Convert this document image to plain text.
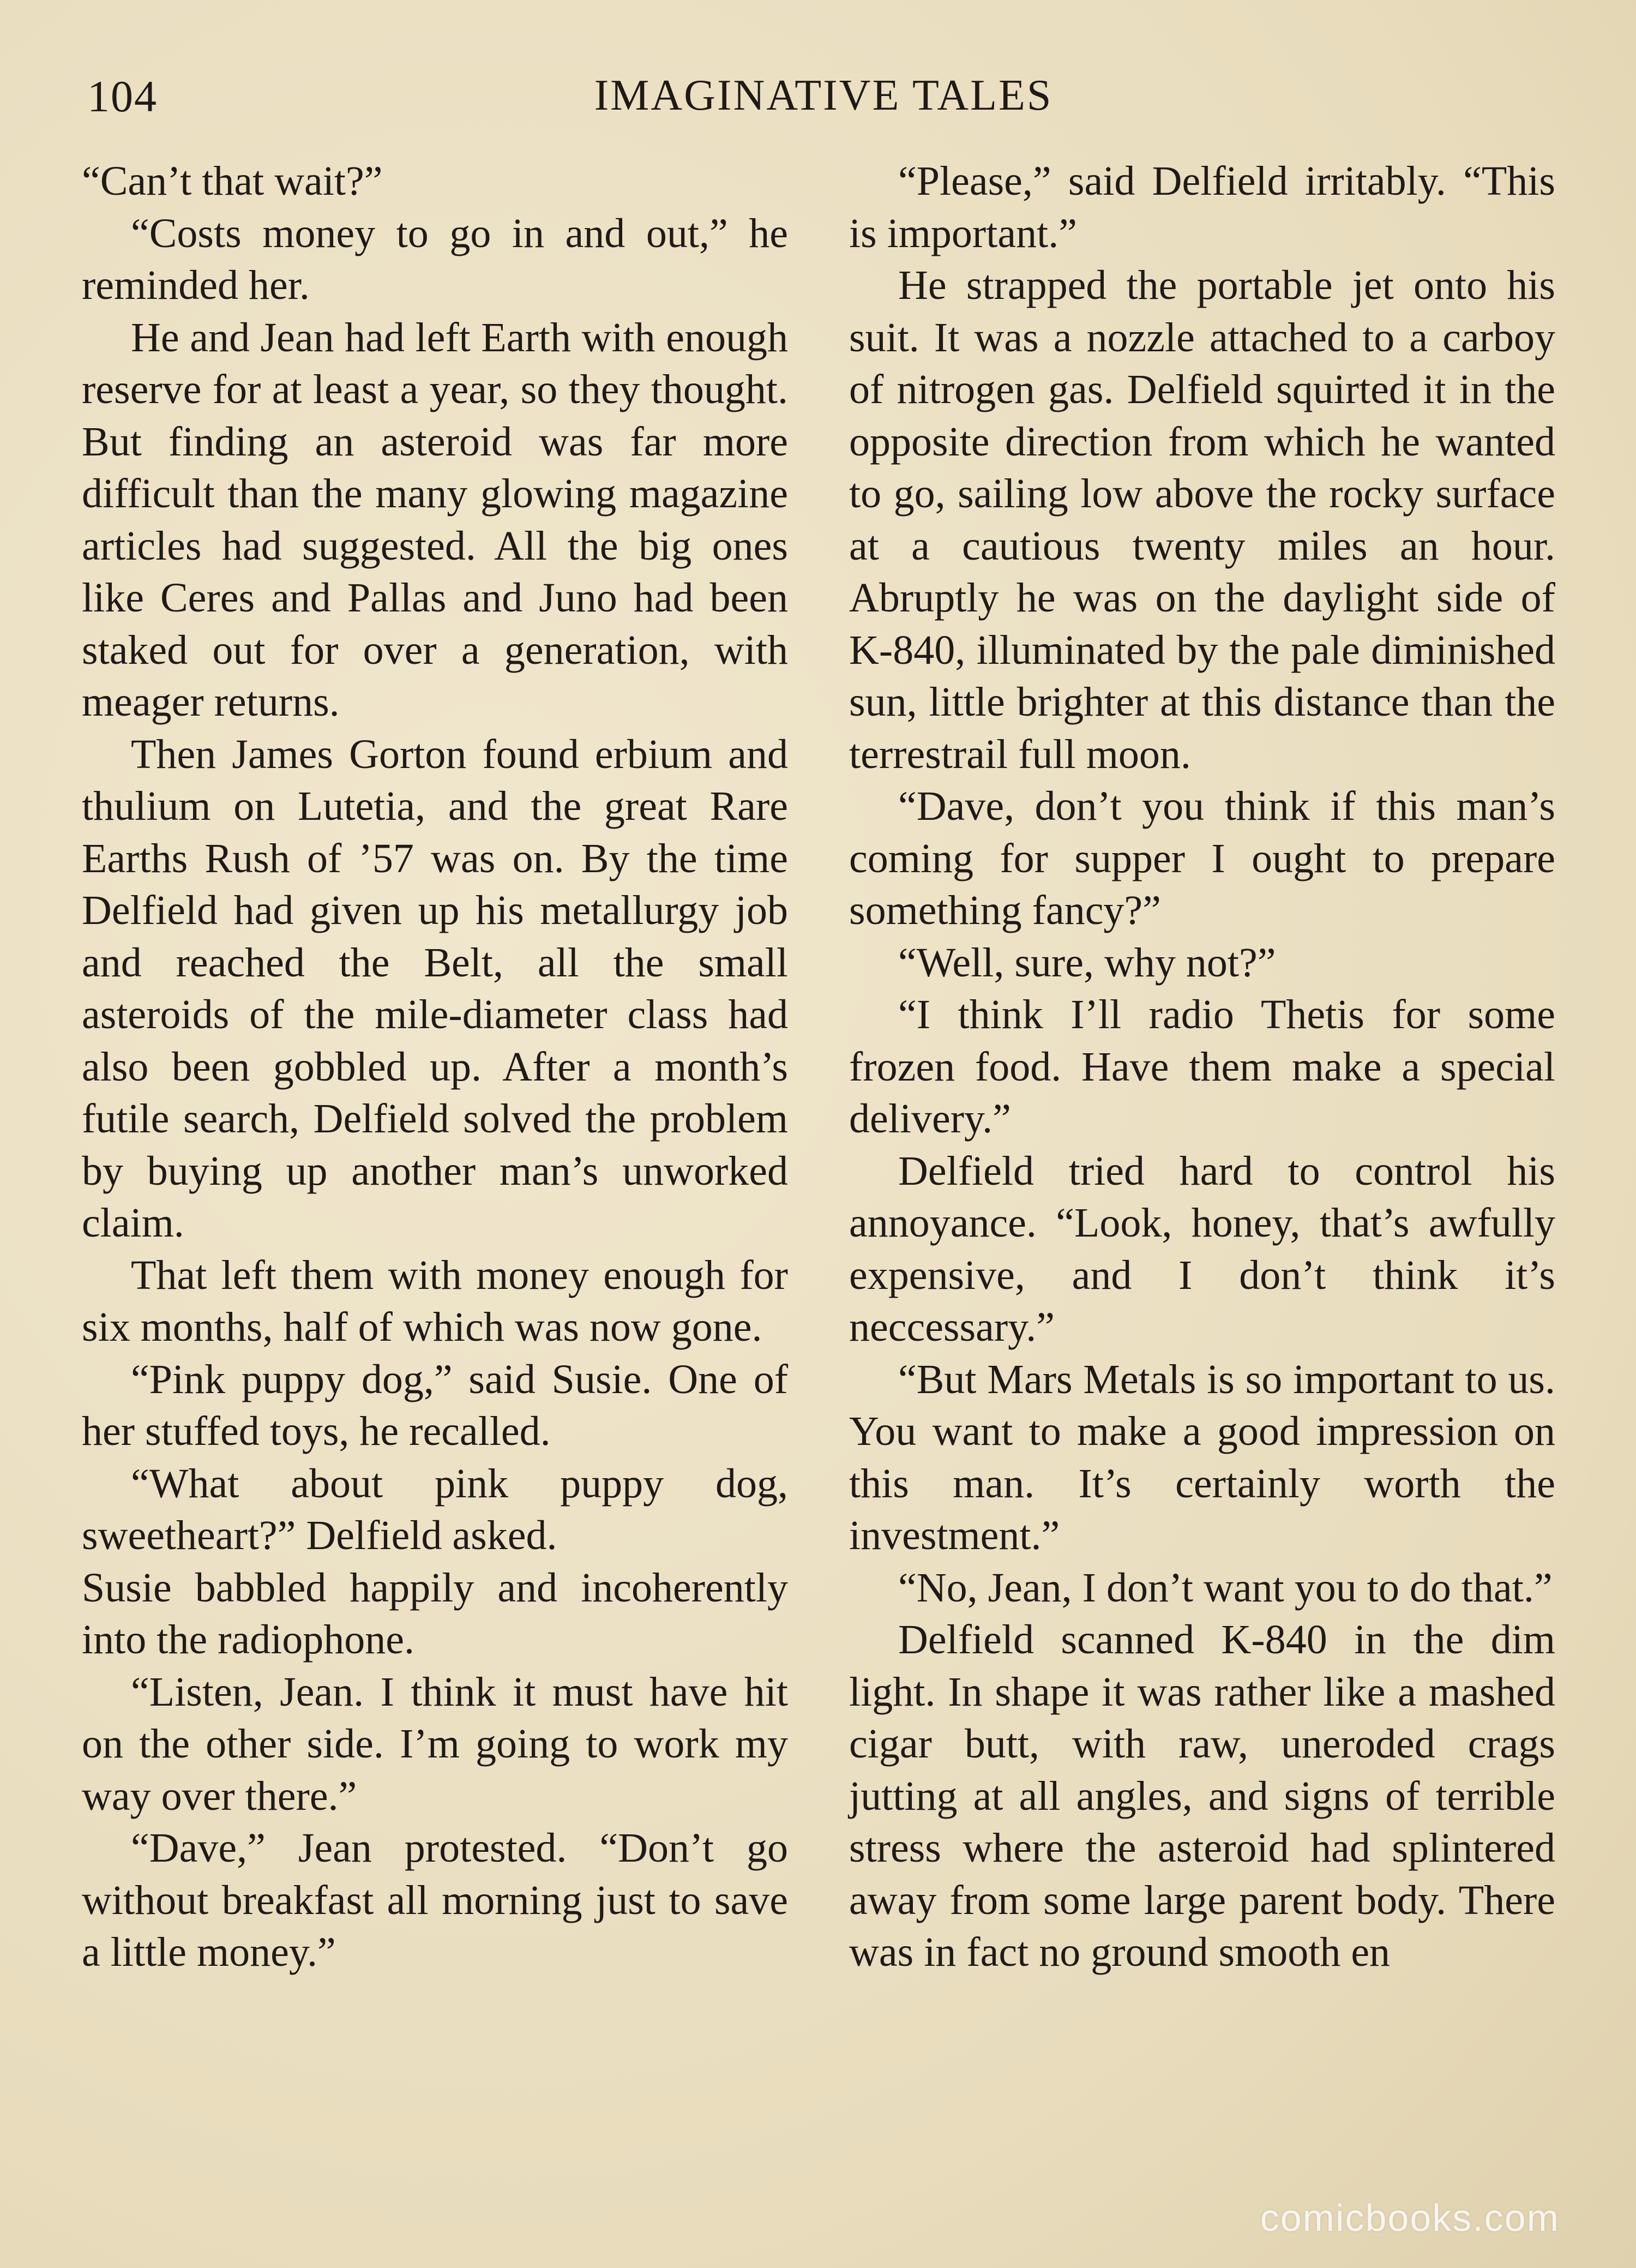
104	IMAGINATIVE TALES

“Can’t that wait?”

“Costs money to go in and out,” he reminded her.

He and Jean had left Earth with enough reserve for at least a year, so they thought. But finding an asteroid was far more difficult than the many glowing magazine articles had suggested. All the big ones like Ceres and Pallas and Juno had been staked out for over a generation, with meager returns.

Then James Gorton found erbium and thulium on Lutetia, and the great Rare Earths Rush of ’57 was on. By the time Delfield had given up his metallurgy job and reached the Belt, all the small asteroids of the mile-diameter class had also been gobbled up. After a month’s futile search, Delfield solved the problem by buying up another man’s unworked claim.

That left them with money enough for six months, half of which was now gone.

“Pink puppy dog,” said Susie. One of her stuffed toys, he recalled.

“What about pink puppy dog, sweetheart?” Delfield asked.

Susie babbled happily and incoherently into the radiophone.

“Listen, Jean. I think it must have hit on the other side. I’m going to work my way over there.”

“Dave,” Jean protested. “Don’t go without breakfast all morning just to save a little money.”

“Please,” said Delfield irritably. “This is important.”

He strapped the portable jet onto his suit. It was a nozzle attached to a carboy of nitrogen gas. Delfield squirted it in the opposite direction from which he wanted to go, sailing low above the rocky surface at a cautious twenty miles an hour. Abruptly he was on the daylight side of K-840, illuminated by the pale diminished sun, little brighter at this distance than the terrestrail full moon.

“Dave, don’t you think if this man’s coming for supper I ought to prepare something fancy?”

“Well, sure, why not?”

“I think I’ll radio Thetis for some frozen food. Have them make a special delivery.”

Delfield tried hard to control his annoyance. “Look, honey, that’s awfully expensive, and I don’t think it’s neccessary.”

“But Mars Metals is so important to us. You want to make a good impression on this man. It’s certainly worth the investment.”

“No, Jean, I don’t want you to do that.”

Delfield scanned K-840 in the dim light. In shape it was rather like a mashed cigar butt, with raw, uneroded crags jutting at all angles, and signs of terrible stress where the asteroid had splintered away from some large parent body. There was in fact no ground smooth en

comicbooks.com
